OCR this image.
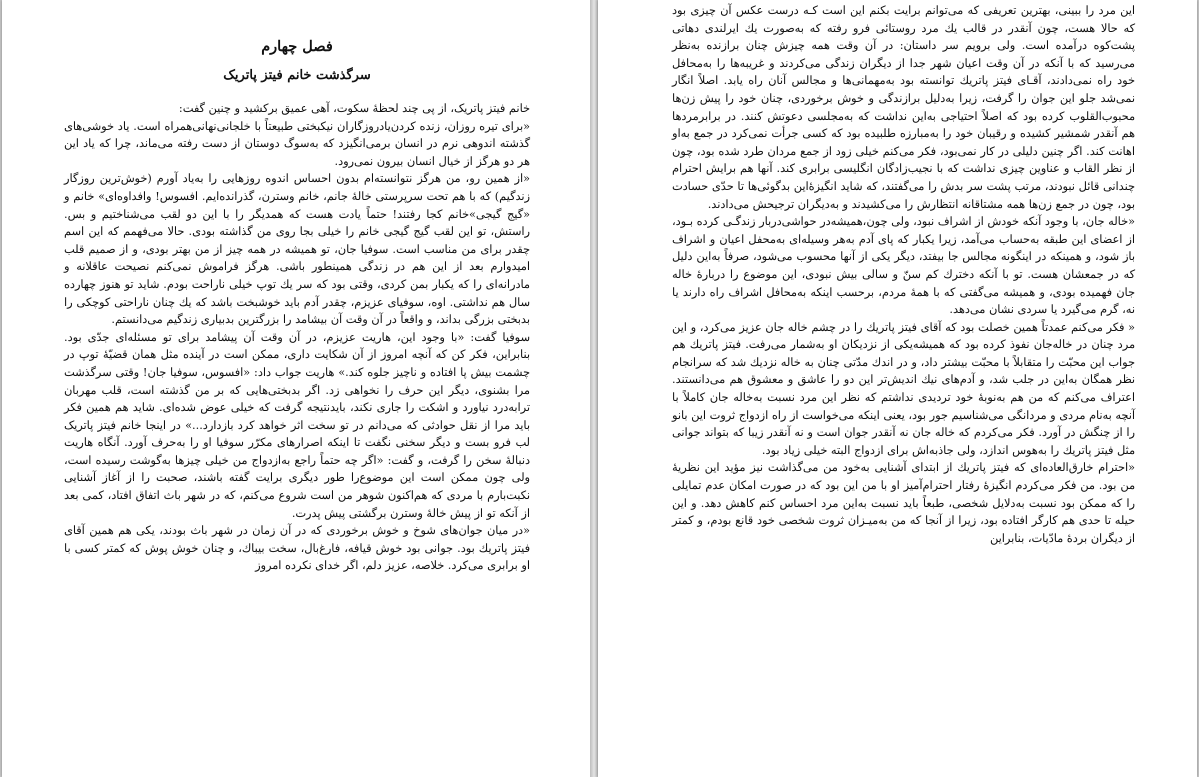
فصل چهارم
سرگذشت خانم فیتز پاتریک

خانم فیتز پاتریک، از پی چند لحظهٔ سکوت، آهی عمیق برکشید و چنین گفت:

«برای تیره روزان، زنده کردن‌یادروزگاران نیکبختی طبیعتاً با خلجانی‌نهانی‌همراه است. یاد خوشی‌های گذشته اندوهی نرم در انسان برمی‌انگیزد که به‌سوگ دوستان از دست رفته می‌ماند، چرا که یاد این هر دو هرگز از خیال انسان بیرون نمی‌رود.

«از همین رو، من هرگز نتوانسته‌ام بدون احساس اندوه روزهایی را به‌یاد آورم (خوش‌ترین روزگار زندگیم) که با هم تحت سرپرستی خالهٔ جانم، خانم وسترن، گذرانده‌ایم. افسوس! وافداوه‌ای» خانم و «گیج گیجی»خانم کجا رفتند! حتماً یادت هست که همدیگر را با این دو لقب می‌شناختیم و بس. راستش، تو این لقب گیج گیجی خانم را خیلی بجا روی من گذاشته بودی. حالا می‌فهمم که این اسم چقدر برای من مناسب است. سوفیا جان، تو همیشه در همه چیز از من بهتر بودی، و از صمیم قلب امیدوارم بعد از این هم در زندگی همینطور باشی. هرگز فراموش نمی‌کنم نصیحت عاقلانه و مادرانه‌ای را که یکبار بمن کردی، وقتی بود که سر یك توپ خیلی ناراحت بودم. شاید تو هنوز چهارده سال هم نداشتی. اوه، سوفیای عزیزم، چقدر آدم باید خوشبخت باشد که یك چنان ناراحتی کوچکی را بدبختی بزرگی بداند، و واقعاً در آن وقت آن بیشامد را بزرگترین بدبیاری زندگیم می‌دانستم.

سوفیا گفت: «با وجود این، هاریت عزیزم، در آن وقت آن پیشامد برای تو مسئله‌ای جدّی بود. بنابراین، فکر کن که آنچه امروز از آن شکایت داری، ممکن است در آینده مثل همان قضیّهٔ توپ در چشمت بیش پا افتاده و ناچیز جلوه کند.» هاریت جواب داد: «افسوس، سوفیا جان! وقتی سرگذشت مرا بشنوی، دیگر این حرف را نخواهی زد. اگر بدبختی‌هایی که بر من گذشته است، قلب مهربان ترابه‌درد نیاورد و اشکت را جاری نکند، بایدنتیجه گرفت که خیلی عوض شده‌ای. شاید هم همین فکر باید مرا از نقل حوادثی که می‌دانم در تو سخت اثر خواهد کرد بازدارد...» در اینجا خانم فیتز پاتریک لب فرو بست و دیگر سخنی نگفت تا اینکه اصرارهای مکرّر سوفیا او را به‌حرف آورد. آنگاه هاریت دنبالهٔ سخن را گرفت، و گفت: «اگر چه حتماً راجع به‌ازدواج من خیلی چیزها به‌گوشت رسیده است، ولی چون ممکن است این موضوع‌را طور دیگری برایت گفته باشند، صحبت را از آغاز آشنایی نکبت‌بارم با مردی که هم‌اکنون شوهر من است شروع می‌کنم، که در شهر باث اتفاق افتاد، کمی بعد از آنکه تو از پیش خالهٔ وسترن برگشتی پیش پدرت.

«در میان جوان‌های شوخ و خوش برخوردی که در آن زمان در شهر باث بودند، یکی هم همین آقای فیتز پاتریك بود. جوانی بود خوش قیافه، فارغ‌بال، سخت بیباك، و چنان خوش پوش که کمتر کسی با او برابری می‌کرد. خلاصه، عزیز دلم، اگر خدای نکرده امروز

این مرد را ببینی، بهترین تعریفی که می‌توانم برایت بکنم این است کـه درست عکس آن چیزی بود که حالا هست، چون آنقدر در قالب یك مرد روستائی فرو رفته که به‌صورت یك ایرلندی دهاتی پشت‌کوه درآمده است. ولی برویم سر داستان: در آن وقت همه چیزش چنان برازنده به‌نظر می‌رسید که با آنکه در آن وقت اعیان شهر جدا از دیگران زندگی می‌کردند و غریبه‌ها را به‌محافل خود راه نمی‌دادند، آقـای فیتز پاتریك توانسته بود به‌مهمانی‌ها و مجالس آنان راه یابد. اصلاً انگار نمی‌شد جلو این جوان را گرفت، زیرا به‌دلیل برازندگی و خوش برخوردی، چنان خود را پیش زن‌ها محبوب‌القلوب کرده بود که اصلاً احتیاجی به‌این نداشت که به‌مجلسی دعوتش کنند. در برابرمردها هم آنقدر شمشیر کشیده و رقیبان خود را به‌مبارزه طلبیده بود که کسی جرأت نمی‌کرد در جمع به‌او اهانت کند. اگر چنین دلیلی در کار نمی‌بود، فکر می‌کنم خیلی زود از جمع مردان طرد شده بود، چون از نظر القاب و عناوین چیزی نداشت که با نجیب‌زادگان انگلیسی برابری کند. آنها هم برایش احترام چندانی قائل نبودند، مرتب پشت سر بدش را می‌گفتند، که شاید انگیزهٔ‌این بدگوئی‌ها تا حدّی حسادت بود، چون در جمع زن‌ها همه مشتاقانه انتظارش را می‌کشیدند و به‌دیگران ترجیحش می‌دادند.

«خاله جان، با وجود آنکه خودش از اشراف نبود، ولی چون،همیشه‌در حواشی‌دربار زندگـی کرده بـود، از اعضای این طبقه به‌حساب می‌آمد، زیرا یکبار که پای آدم به‌هر وسیله‌ای به‌محفل اعیان و اشراف باز شود، و همینکه در اینگونه مجالس جا بیفتد، دیگر یکی از آنها محسوب می‌شود، صرفاً به‌این دلیل که در جمعشان هست. تو با آنکه دخترك کم سنّ و سالی بیش نبودی، این موضوع را دربارهٔ خاله جان فهمیده بودی، و همیشه می‌گفتی که با همهٔ مردم، برحسب اینکه به‌محافل اشراف راه دارند یا نه، گرم می‌گیرد یا سردی نشان می‌دهد.

« فکر می‌کنم عمدتاً همین خصلت بود که آقای فیتز پاتریك را در چشم خاله جان عزیز می‌کرد، و این مرد چنان در خاله‌جان نفوذ کرده بود که همیشه‌یکی از نزدیکان او به‌شمار می‌رفت. فیتز پاتریك هم جواب این محبّت را متقابلاً با محبّت بیشتر داد، و در اندك مدّتی چنان به خاله نزدیك شد که سرانجام نظر همگان به‌این در جلب شد، و آدم‌های نیك اندیش‌تر این دو را عاشق و معشوق هم می‌دانستند. اعتراف می‌کنم که من هم به‌نوبهٔ خود تردیدی نداشتم که نظر این مرد نسبت به‌خاله جان کاملاً با آنچه به‌نام مردی و مردانگی می‌شناسیم جور بود، یعنی اینکه می‌خواست از راه ازدواج ثروت این بانو را از چنگش در آورد. فکر می‌کردم که خاله جان نه آنقدر جوان است و نه آنقدر زیبا که بتواند جوانی مثل فیتز پاتریك را به‌هوس اندازد، ولی جاذبه‌اش برای ازدواج البته خیلی زیاد بود.

«احترام خارق‌العاده‌ای که فیتز پاتریك از ابتدای آشنایی به‌خود من می‌گذاشت نیز مؤید این نظریهٔ من بود. من فکر می‌کردم انگیزهٔ رفتار احترام‌آمیز او با من این بود که در صورت امکان عدم تمایلی را که ممکن بود نسبت به‌دلایل شخصی، طبعاً باید نسبت به‌این مرد احساس کنم کاهش دهد. و این حیله تا حدی هم کارگر افتاده بود، زیرا از آنجا که من به‌میـزان ثروت شخصی خود قانع بودم، و کمتر از دیگران بردهٔ مادّیات، بنابراین
